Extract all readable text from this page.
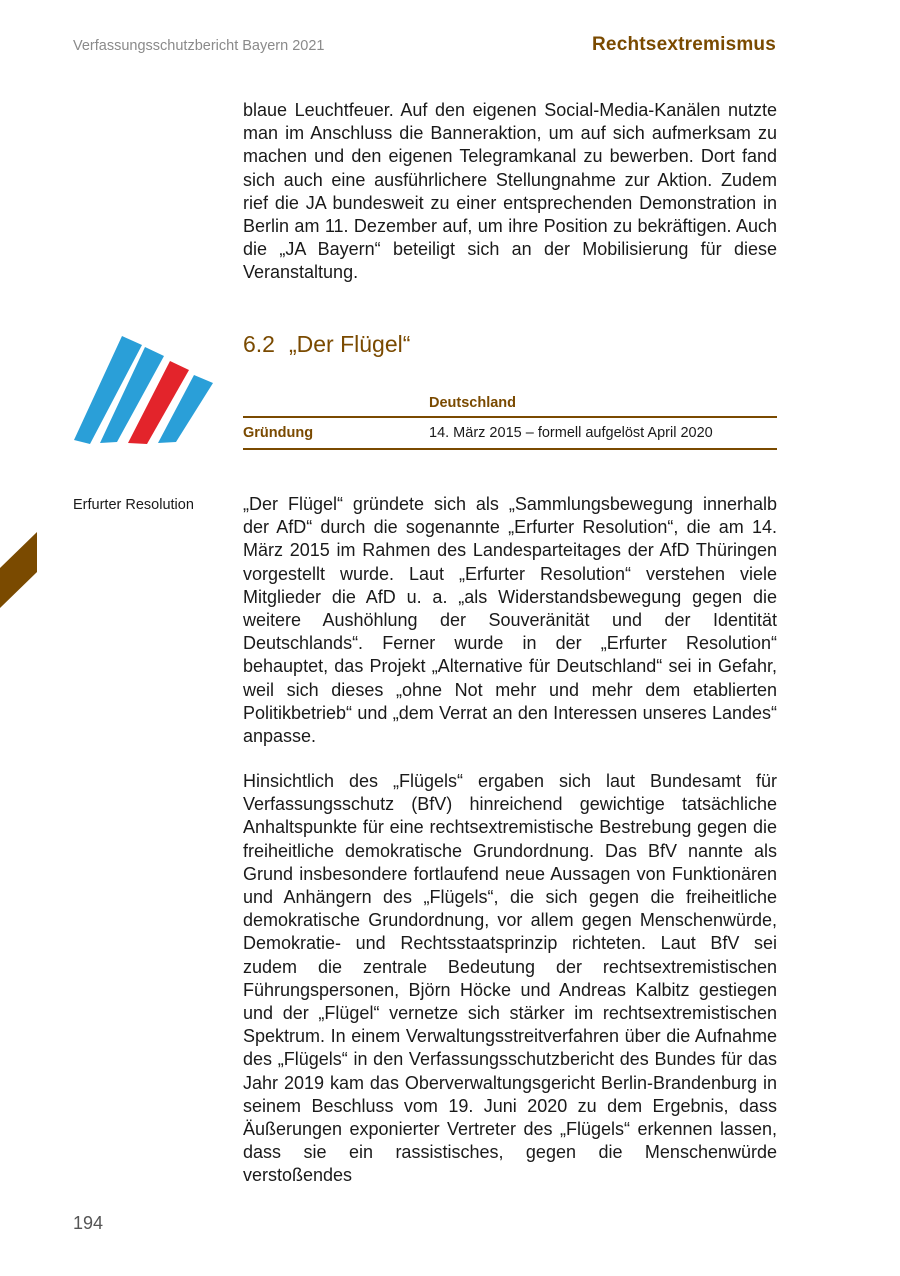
Verfassungsschutzbericht Bayern 2021	Rechtsextremismus

blaue Leuchtfeuer. Auf den eigenen Social-Media-Kanälen nutzte man im Anschluss die Banneraktion, um auf sich aufmerksam zu machen und den eigenen Telegramkanal zu bewerben. Dort fand sich auch eine ausführlichere Stellungnahme zur Aktion. Zudem rief die JA bundesweit zu einer entsprechenden Demonstration in Berlin am 11. Dezember auf, um ihre Position zu bekräftigen. Auch die „JA Bayern“ beteiligt sich an der Mobilisierung für diese Veranstaltung.

6.2 „Der Flügel“
	Deutschland
Gründung	14. März 2015 – formell aufgelöst April 2020
Erfurter Resolution	„Der Flügel“ gründete sich als „Sammlungsbewegung innerhalb der AfD“ durch die sogenannte „Erfurter Resolution“, die am 14. März 2015 im Rahmen des Landesparteitages der AfD Thüringen vorgestellt wurde. Laut „Erfurter Resolution“ verstehen viele Mitglieder die AfD u. a. „als Widerstandsbewegung gegen die weitere Aushöhlung der Souveränität und der Identität Deutschlands“. Ferner wurde in der „Erfurter Resolution“ behauptet, das Projekt „Alternative für Deutschland“ sei in Gefahr, weil sich dieses „ohne Not mehr und mehr dem etablierten Politikbetrieb“ und „dem Verrat an den Interessen unseres Landes“ anpasse.

Hinsichtlich des „Flügels“ ergaben sich laut Bundesamt für Verfassungsschutz (BfV) hinreichend gewichtige tatsächliche Anhaltspunkte für eine rechtsextremistische Bestrebung gegen die freiheitliche demokratische Grundordnung. Das BfV nannte als Grund insbesondere fortlaufend neue Aussagen von Funktionären und Anhängern des „Flügels“, die sich gegen die freiheitliche demokratische Grundordnung, vor allem gegen Menschenwürde, Demokratie- und Rechtsstaatsprinzip richteten. Laut BfV sei zudem die zentrale Bedeutung der rechtsextremistischen Führungspersonen, Björn Höcke und Andreas Kalbitz gestiegen und der „Flügel“ vernetze sich stärker im rechtsextremistischen Spektrum. In einem Verwaltungsstreitverfahren über die Aufnahme des „Flügels“ in den Verfassungsschutzbericht des Bundes für das Jahr 2019 kam das Oberverwaltungsgericht Berlin-Brandenburg in seinem Beschluss vom 19. Juni 2020 zu dem Ergebnis, dass Äußerungen exponierter Vertreter des „Flügels“ erkennen lassen, dass sie ein rassistisches, gegen die Menschenwürde verstoßendes

194
